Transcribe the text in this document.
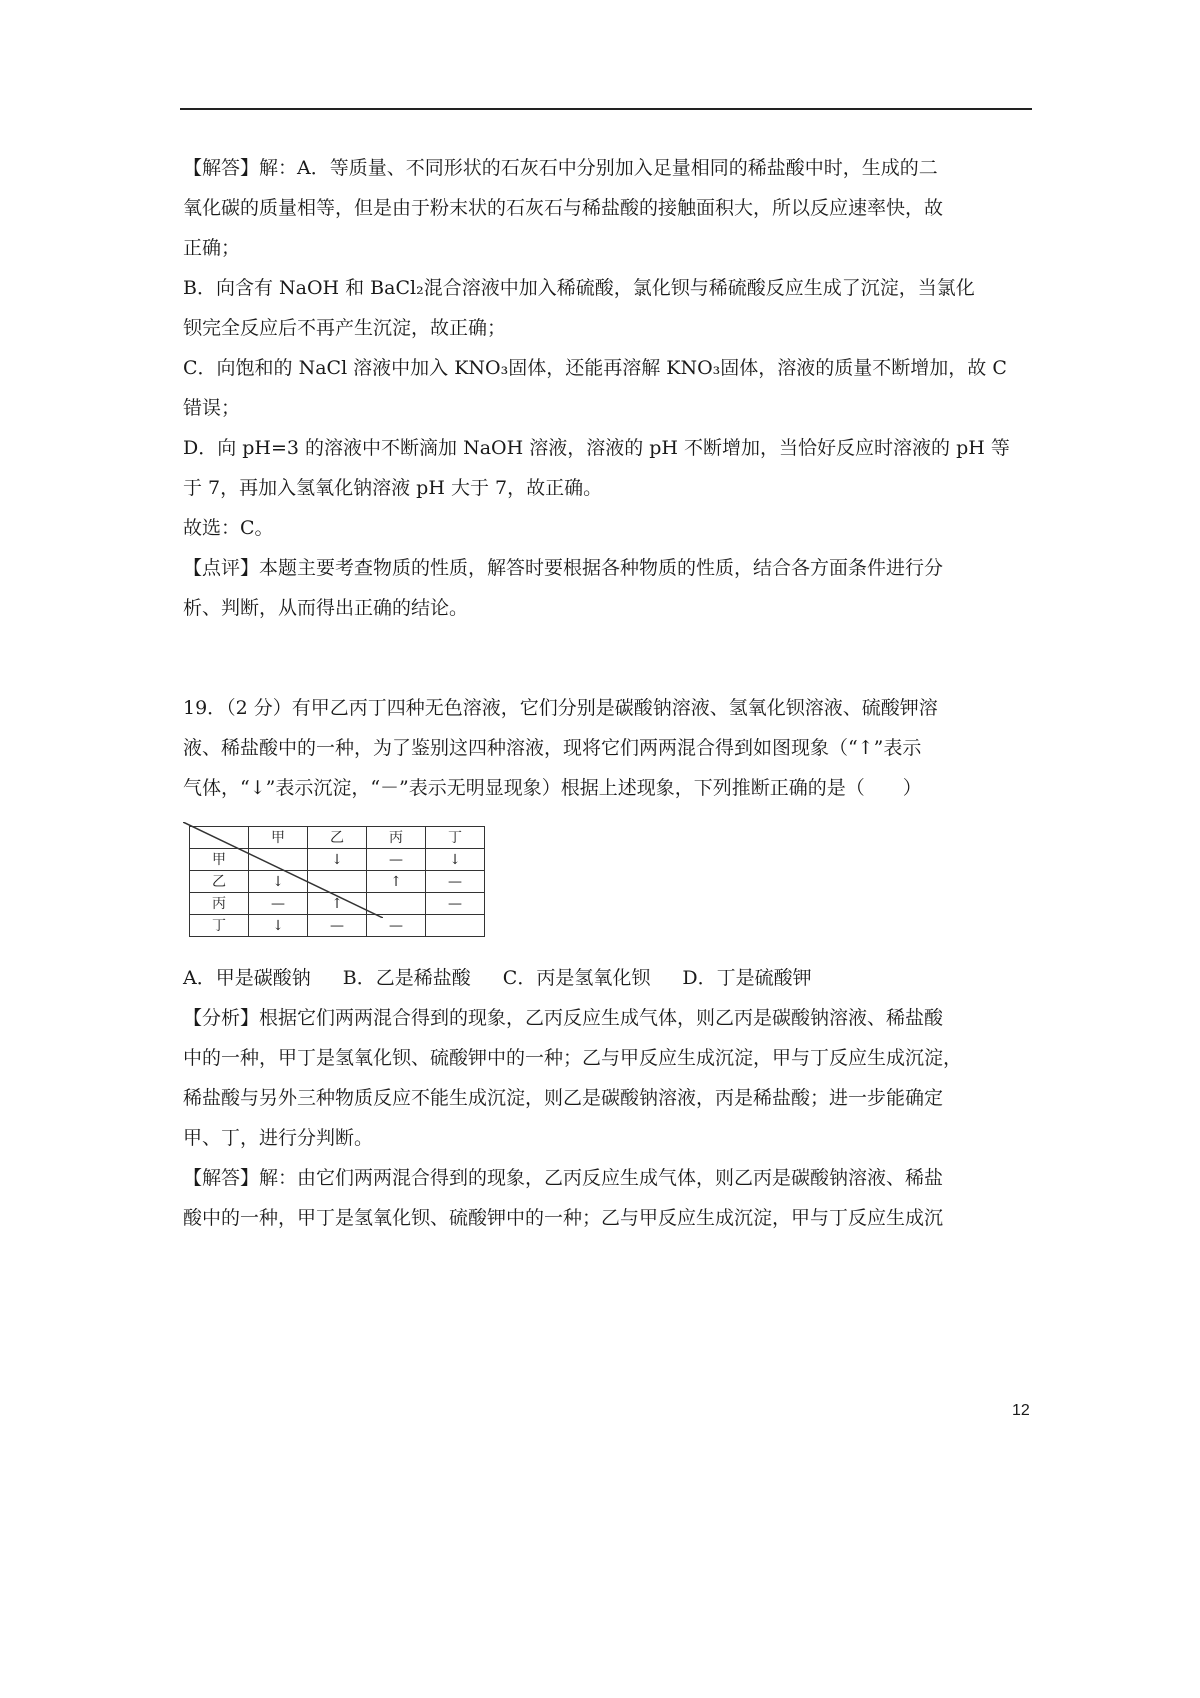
【解答】解：A．等质量、不同形状的石灰石中分别加入足量相同的稀盐酸中时，生成的二

氧化碳的质量相等，但是由于粉末状的石灰石与稀盐酸的接触面积大，所以反应速率快，故

正确；

B．向含有 NaOH 和 BaCl₂混合溶液中加入稀硫酸，氯化钡与稀硫酸反应生成了沉淀，当氯化

钡完全反应后不再产生沉淀，故正确；

C．向饱和的 NaCl 溶液中加入 KNO₃固体，还能再溶解 KNO₃固体，溶液的质量不断增加，故 C

错误；

D．向 pH=3 的溶液中不断滴加 NaOH 溶液，溶液的 pH 不断增加，当恰好反应时溶液的 pH 等

于 7，再加入氢氧化钠溶液 pH 大于 7，故正确。

故选：C。

【点评】本题主要考查物质的性质，解答时要根据各种物质的性质，结合各方面条件进行分

析、判断，从而得出正确的结论。

19．（2 分）有甲乙丙丁四种无色溶液，它们分别是碳酸钠溶液、氢氧化钡溶液、硫酸钾溶

液、稀盐酸中的一种，为了鉴别这四种溶液，现将它们两两混合得到如图现象（“↑”表示

气体，“↓”表示沉淀，“－”表示无明显现象）根据上述现象，下列推断正确的是（　　）

	甲	乙	丙	丁
甲		↓	—	↓
乙	↓		↑	—
丙	—	↑		—
丁	↓	—	—	

A．甲是碳酸钠 B．乙是稀盐酸 C．丙是氢氧化钡 D．丁是硫酸钾

【分析】根据它们两两混合得到的现象，乙丙反应生成气体，则乙丙是碳酸钠溶液、稀盐酸

中的一种，甲丁是氢氧化钡、硫酸钾中的一种；乙与甲反应生成沉淀，甲与丁反应生成沉淀，

稀盐酸与另外三种物质反应不能生成沉淀，则乙是碳酸钠溶液，丙是稀盐酸；进一步能确定

甲、丁，进行分判断。

【解答】解：由它们两两混合得到的现象，乙丙反应生成气体，则乙丙是碳酸钠溶液、稀盐

酸中的一种，甲丁是氢氧化钡、硫酸钾中的一种；乙与甲反应生成沉淀，甲与丁反应生成沉

12
